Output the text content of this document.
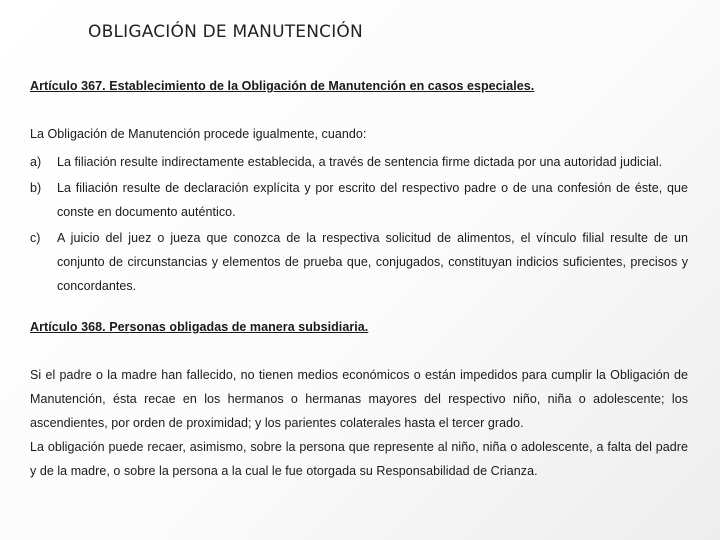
OBLIGACIÓN DE MANUTENCIÓN

Artículo 367. Establecimiento de la Obligación de Manutención en casos especiales.

La Obligación de Manutención procede igualmente, cuando:

a)	La filiación resulte indirectamente establecida, a través de sentencia firme dictada por una autoridad judicial.
b)	La filiación resulte de declaración explícita y por escrito del respectivo padre o de una confesión de éste, que conste en documento auténtico.
c)	A juicio del juez o jueza que conozca de la respectiva solicitud de alimentos, el vínculo filial resulte de un conjunto de circunstancias y elementos de prueba que, conjugados, constituyan indicios suficientes, precisos y concordantes.

Artículo 368. Personas obligadas de manera subsidiaria.

Si el padre o la madre han fallecido, no tienen medios económicos o están impedidos para cumplir la Obligación de Manutención, ésta recae en los hermanos o hermanas mayores del respectivo niño, niña o adolescente; los ascendientes, por orden de proximidad; y los parientes colaterales hasta el tercer grado.

La obligación puede recaer, asimismo, sobre la persona que represente al niño, niña o adolescente, a falta del padre y de la madre, o sobre la persona a la cual le fue otorgada su Responsabilidad de Crianza.
